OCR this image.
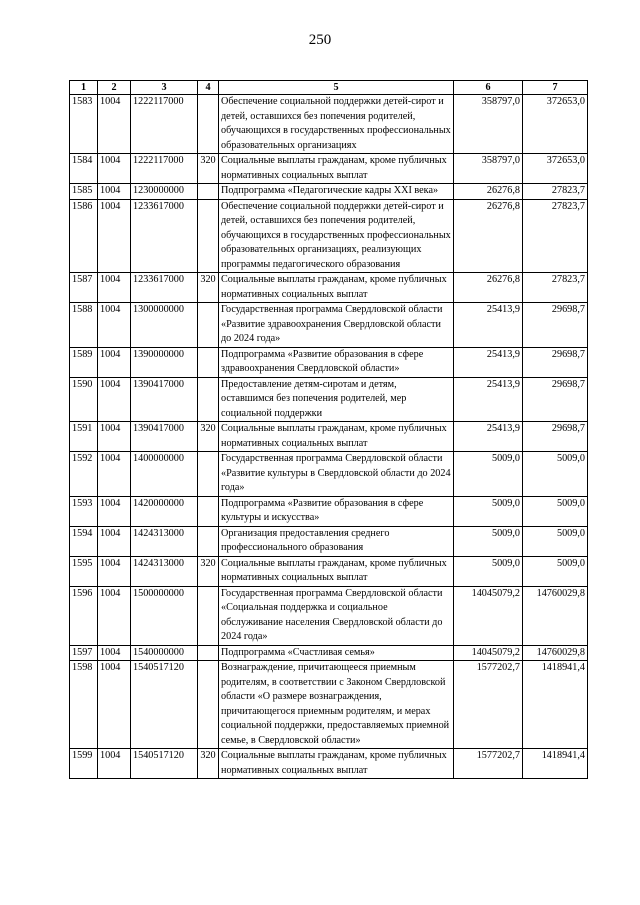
250
1	2	3	4	5	6	7
1583	1004	1222117000		Обеспечение социальной поддержки детей-сирот и детей, оставшихся без попечения родителей, обучающихся в государственных профессиональных образовательных организациях	358797,0	372653,0
1584	1004	1222117000	320	Социальные выплаты гражданам, кроме публичных нормативных социальных выплат	358797,0	372653,0
1585	1004	1230000000		Подпрограмма «Педагогические кадры XXI века»	26276,8	27823,7
1586	1004	1233617000		Обеспечение социальной поддержки детей-сирот и детей, оставшихся без попечения родителей, обучающихся в государственных профессиональных образовательных организациях, реализующих программы педагогического образования	26276,8	27823,7
1587	1004	1233617000	320	Социальные выплаты гражданам, кроме публичных нормативных социальных выплат	26276,8	27823,7
1588	1004	1300000000		Государственная программа Свердловской области «Развитие здравоохранения Свердловской области до 2024 года»	25413,9	29698,7
1589	1004	1390000000		Подпрограмма «Развитие образования в сфере здравоохранения Свердловской области»	25413,9	29698,7
1590	1004	1390417000		Предоставление детям-сиротам и детям, оставшимся без попечения родителей, мер социальной поддержки	25413,9	29698,7
1591	1004	1390417000	320	Социальные выплаты гражданам, кроме публичных нормативных социальных выплат	25413,9	29698,7
1592	1004	1400000000		Государственная программа Свердловской области «Развитие культуры в Свердловской области до 2024 года»	5009,0	5009,0
1593	1004	1420000000		Подпрограмма «Развитие образования в сфере культуры и искусства»	5009,0	5009,0
1594	1004	1424313000		Организация предоставления среднего профессионального образования	5009,0	5009,0
1595	1004	1424313000	320	Социальные выплаты гражданам, кроме публичных нормативных социальных выплат	5009,0	5009,0
1596	1004	1500000000		Государственная программа Свердловской области «Социальная поддержка и социальное обслуживание населения Свердловской области до 2024 года»	14045079,2	14760029,8
1597	1004	1540000000		Подпрограмма «Счастливая семья»	14045079,2	14760029,8
1598	1004	1540517120		Вознаграждение, причитающееся приемным родителям, в соответствии с Законом Свердловской области «О размере вознаграждения, причитающегося приемным родителям, и мерах социальной поддержки, предоставляемых приемной семье, в Свердловской области»	1577202,7	1418941,4
1599	1004	1540517120	320	Социальные выплаты гражданам, кроме публичных нормативных социальных выплат	1577202,7	1418941,4
